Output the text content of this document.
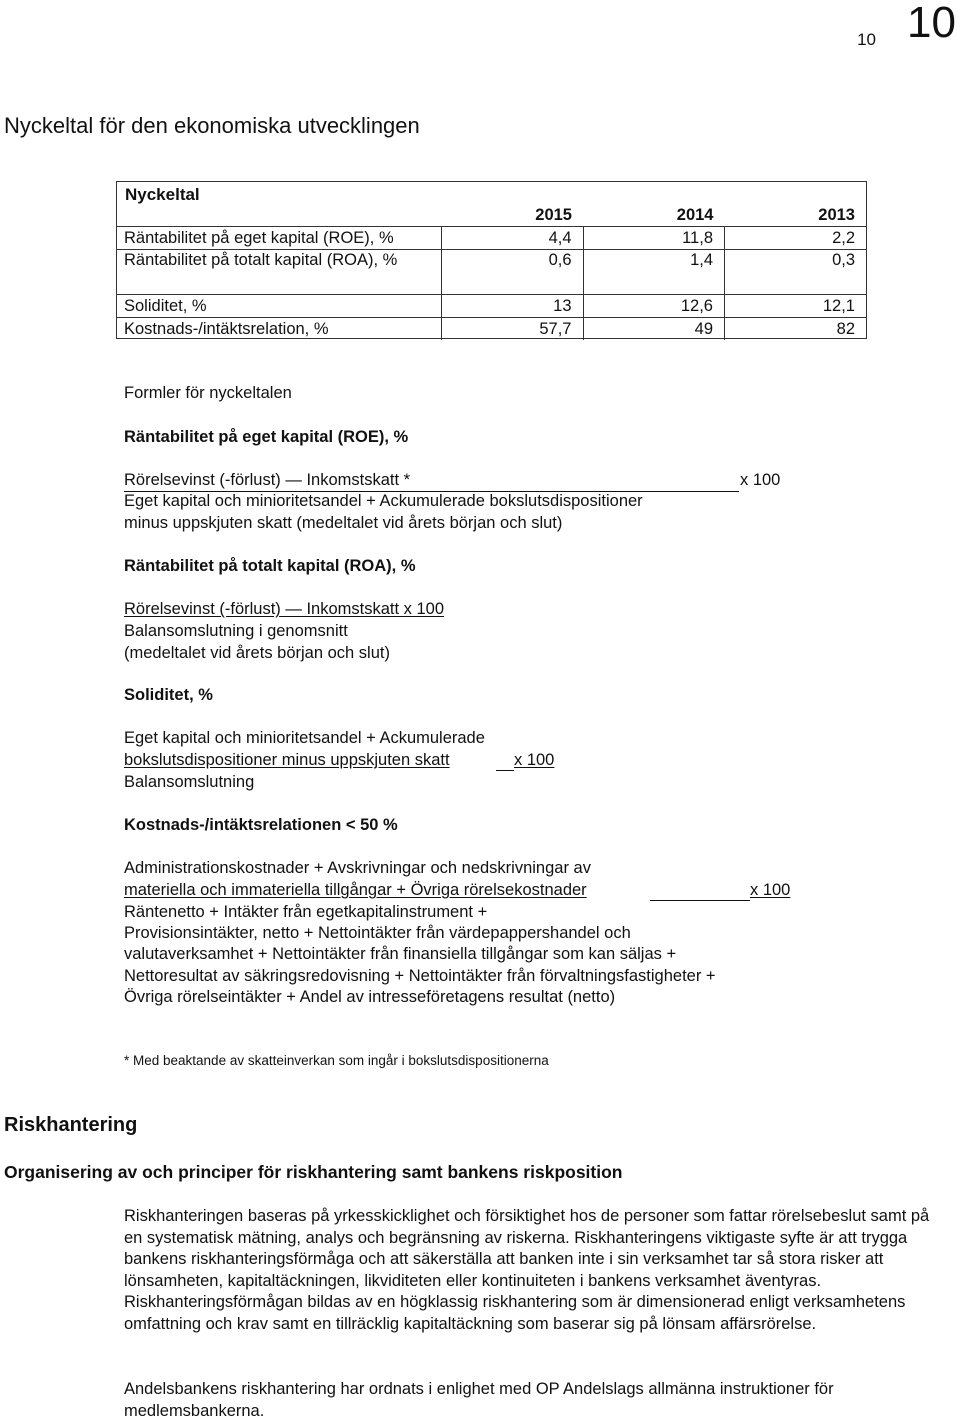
10 10
Nyckeltal för den ekonomiska utvecklingen
Nyckeltal
	2015	2014	2013
Räntabilitet på eget kapital (ROE), %	4,4	11,8	2,2

Räntabilitet på totalt kapital (ROA), %	0,6	1,4	0,3
Soliditet, %	13	12,6	12,1
Kostnads-/intäktsrelation, %	57,7	49	82
Formler för nyckeltalen
Räntabilitet på eget kapital (ROE), %
Rörelsevinst (-förlust) — Inkomstskatt *	x 100
Eget kapital och minioritetsandel + Ackumulerade bokslutsdispositioner
minus uppskjuten skatt (medeltalet vid årets början och slut)
Räntabilitet på totalt kapital (ROA), %
Rörelsevinst (-förlust) — Inkomstskatt x 100
Balansomslutning i genomsnitt
(medeltalet vid årets början och slut)
Soliditet, %
Eget kapital och minioritetsandel + Ackumulerade
bokslutsdispositioner minus uppskjuten skatt	x 100
Balansomslutning
Kostnads-/intäktsrelationen < 50 %
Administrationskostnader + Avskrivningar och nedskrivningar av
materiella och immateriella tillgångar + Övriga rörelsekostnader	x 100
Räntenetto + Intäkter från egetkapitalinstrument +
Provisionsintäkter, netto + Nettointäkter från värdepappershandel och
valutaverksamhet + Nettointäkter från finansiella tillgångar som kan säljas +
Nettoresultat av säkringsredovisning + Nettointäkter från förvaltningsfastigheter +
Övriga rörelseintäkter + Andel av intresseföretagens resultat (netto)
* Med beaktande av skatteinverkan som ingår i bokslutsdispositionerna
Riskhantering
Organisering av och principer för riskhantering samt bankens riskposition
Riskhanteringen baseras på yrkesskicklighet och försiktighet hos de personer som fattar rörelsebeslut samt på en systematisk mätning, analys och begränsning av riskerna. Riskhanteringens viktigaste syfte är att trygga bankens riskhanteringsförmåga och att säkerställa att banken inte i sin verksamhet tar så stora risker att lönsamheten, kapitaltäckningen, likviditeten eller kontinuiteten i bankens verksamhet äventyras. Riskhanteringsförmågan bildas av en högklassig riskhantering som är dimensionerad enligt verksamhetens omfattning och krav samt en tillräcklig kapitaltäckning som baserar sig på lönsam affärsrörelse.
Andelsbankens riskhantering har ordnats i enlighet med OP Andelslags allmänna instruktioner för medlemsbankerna.
